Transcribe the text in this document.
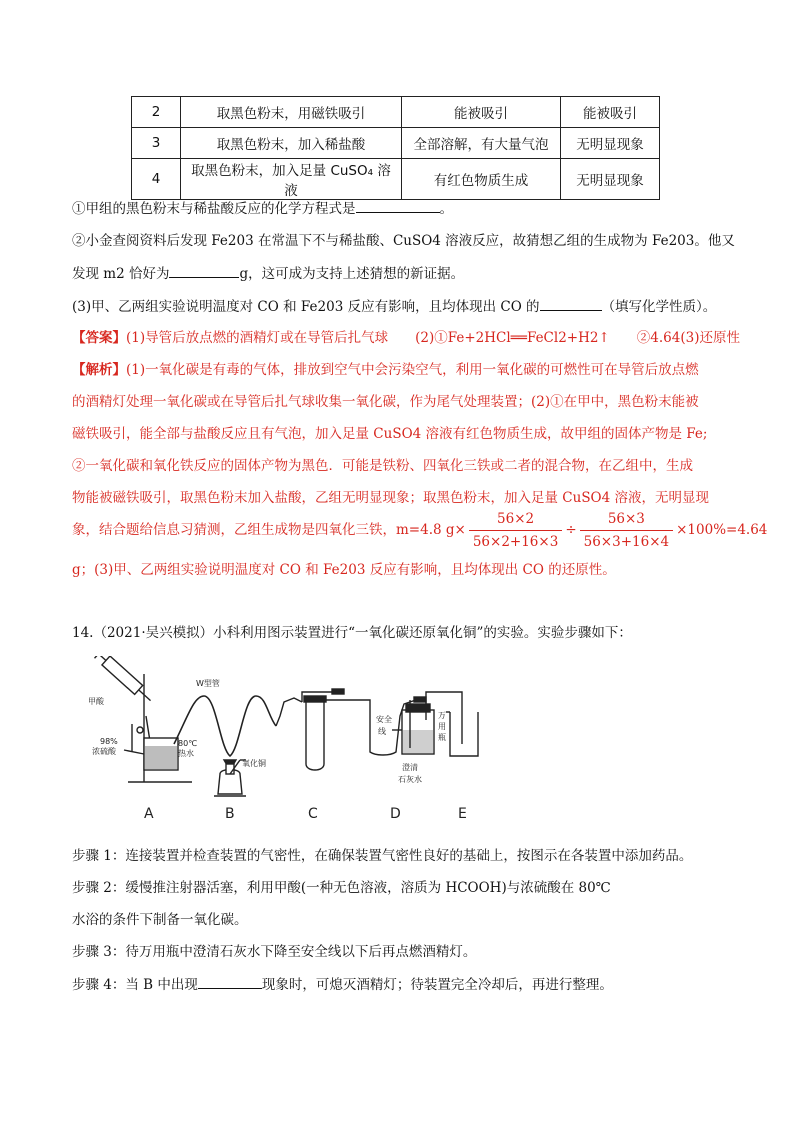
2	取黑色粉末，用磁铁吸引	能被吸引	能被吸引
3	取黑色粉末，加入稀盐酸	全部溶解，有大量气泡	无明显现象
4	取黑色粉末，加入足量 CuSO₄ 溶液	有红色物质生成	无明显现象
①甲组的黑色粉末与稀盐酸反应的化学方程式是	。
②小金查阅资料后发现 Fe203 在常温下不与稀盐酸、CuSO4 溶液反应，故猜想乙组的生成物为 Fe203。他又
发现 m2 恰好为	g，这可成为支持上述猜想的新证据。
(3)甲、乙两组实验说明温度对 CO 和 Fe203 反应有影响，且均体现出 CO 的	（填写化学性质）。
【答案】(1)导管后放点燃的酒精灯或在导管后扎气球　　(2)①Fe+2HCl══FeCl2+H2↑　　②4.64(3)还原性
【解析】(1)一氧化碳是有毒的气体，排放到空气中会污染空气，利用一氧化碳的可燃性可在导管后放点燃
的酒精灯处理一氧化碳或在导管后扎气球收集一氧化碳，作为尾气处理装置；(2)①在甲中，黑色粉末能被
磁铁吸引，能全部与盐酸反应且有气泡，加入足量 CuSO4 溶液有红色物质生成，故甲组的固体产物是 Fe;
②一氧化碳和氧化铁反应的固体产物为黑色．可能是铁粉、四氧化三铁或二者的混合物，在乙组中，生成
物能被磁铁吸引，取黑色粉末加入盐酸，乙组无明显现象；取黑色粉末，加入足量 CuSO4 溶液，无明显现
象，结合题给信息习猜测，乙组生成物是四氧化三铁，m=4.8 $g\times \frac{56\times 2}{56\times 2+16\times 3} \div \frac{56\times 3}{56\times 3+16\times 4} \times 100\%=4.64$
g；(3)甲、乙两组实验说明温度对 CO 和 Fe203 反应有影响，且均体现出 CO 的还原性。
14.（2021·吴兴模拟）小科利用图示装置进行“一氧化碳还原氧化铜”的实验。实验步骤如下：
甲酸
98%
浓硫酸
80℃
热水
W型管
氧化铜
安全
线
万
用
瓶
澄清
石灰水
A	B	C	D	E
步骤 1：连接装置并检查装置的气密性，在确保装置气密性良好的基础上，按图示在各装置中添加药品。
步骤 2：缓慢推注射器活塞，利用甲酸(一种无色溶液，溶质为 HCOOH)与浓硫酸在 80℃
水浴的条件下制备一氧化碳。
步骤 3：待万用瓶中澄清石灰水下降至安全线以下后再点燃酒精灯。
步骤 4：当 B 中出现	现象时，可熄灭酒精灯；待装置完全冷却后，再进行整理。
